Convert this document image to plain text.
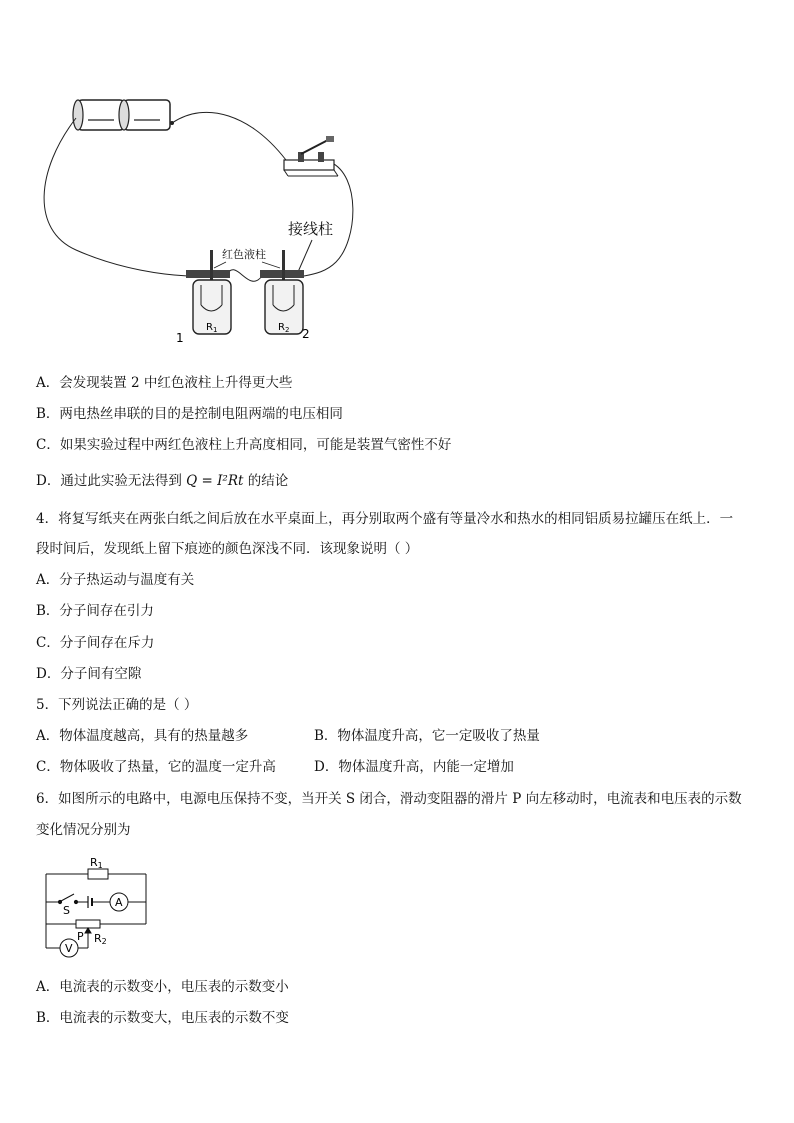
接线柱
红色液柱
$R_1$
1
$R_2$ 2
A．会发现装置 2 中红色液柱上升得更大些
B．两电热丝串联的目的是控制电阻两端的电压相同
C．如果实验过程中两红色液柱上升高度相同，可能是装置气密性不好
D．通过此实验无法得到 Q = I²Rt 的结论
4．将复写纸夹在两张白纸之间后放在水平桌面上，再分别取两个盛有等量冷水和热水的相同铝质易拉罐压在纸上．一
段时间后，发现纸上留下痕迹的颜色深浅不同．该现象说明（ ）
A．分子热运动与温度有关
B．分子间存在引力
C．分子间存在斥力
D．分子间有空隙
5．下列说法正确的是（ ）
A．物体温度越高，具有的热量越多	B．物体温度升高，它一定吸收了热量
C．物体吸收了热量，它的温度一定升高	D．物体温度升高，内能一定增加
6．如图所示的电路中，电源电压保持不变，当开关 S 闭合，滑动变阻器的滑片 P 向左移动时，电流表和电压表的示数
变化情况分别为
R1
S
A
P R2
V
A．电流表的示数变小，电压表的示数变小
B．电流表的示数变大，电压表的示数不变
